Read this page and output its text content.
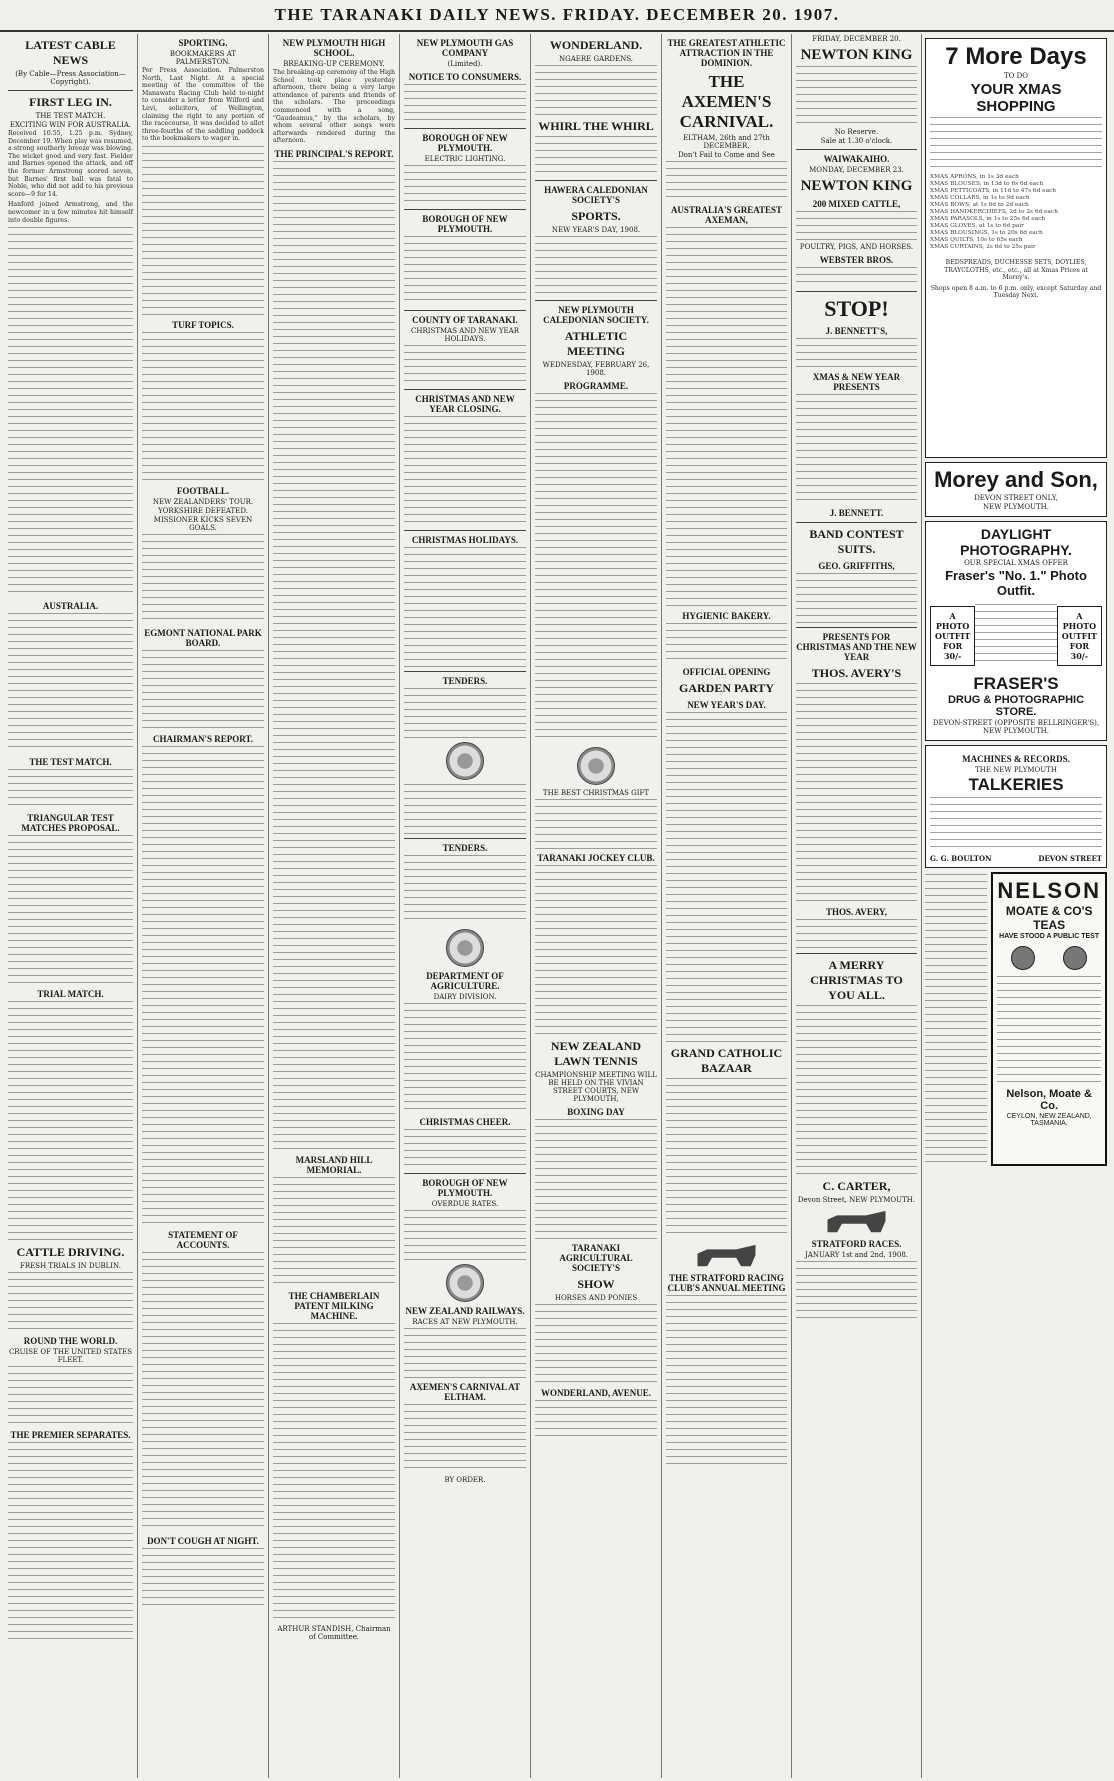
THE TARANAKI DAILY NEWS. FRIDAY. DECEMBER 20. 1907.
LATEST CABLE NEWS
(By Cable—Press Association—Copyright).
FIRST LEG IN.
THE TEST MATCH.
EXCITING WIN FOR AUSTRALIA.

Received 10.55, 1.25 p.m. Sydney, December 19. When play was resumed, a strong southerly breeze was blowing. The wicket good and very fast. Fielder and Barnes opened the attack, and off the former Armstrong scored seven, but Barnes' first ball was fatal to Noble, who did not add to his previous score—9 for 14.

Hanford joined Armstrong, and the newcomer in a few minutes hit himself into double figures.

AUSTRALIA.
THE TEST MATCH.
TRIANGULAR TEST MATCHES PROPOSAL.
TRIAL MATCH.
CATTLE DRIVING.
FRESH TRIALS IN DUBLIN.
ROUND THE WORLD.
CRUISE OF THE UNITED STATES FLEET.
THE PREMIER SEPARATES.
SPORTING.
BOOKMAKERS AT PALMERSTON.

Per Press Association. Palmerston North, Last Night. At a special meeting of the committee of the Manawatu Racing Club held to-night to consider a letter from Wilford and Levi, solicitors, of Wellington, claiming the right to any portion of the racecourse, it was decided to allot three-fourths of the saddling paddock to the bookmakers to wager in.

TURF TOPICS.
FOOTBALL.
NEW ZEALANDERS' TOUR.
YORKSHIRE DEFEATED.
MISSIONER KICKS SEVEN GOALS.
EGMONT NATIONAL PARK BOARD.
CHAIRMAN'S REPORT.
STATEMENT OF ACCOUNTS.
DON'T COUGH AT NIGHT.
NEW PLYMOUTH HIGH SCHOOL.
BREAKING-UP CEREMONY.

The breaking-up ceremony of the High School took place yesterday afternoon, there being a very large attendance of parents and friends of the scholars. The proceedings commenced with a song, "Gaudeamus," by the scholars, by whom several other songs were afterwards rendered during the afternoon.

THE PRINCIPAL'S REPORT.
MARSLAND HILL MEMORIAL.
THE CHAMBERLAIN PATENT MILKING MACHINE.
ARTHUR STANDISH, Chairman of Committee.
NEW PLYMOUTH GAS COMPANY
(Limited).
NOTICE TO CONSUMERS.
BOROUGH OF NEW PLYMOUTH.
ELECTRIC LIGHTING.
BOROUGH OF NEW PLYMOUTH.
COUNTY OF TARANAKI.
CHRISTMAS AND NEW YEAR HOLIDAYS.
CHRISTMAS AND NEW YEAR CLOSING.
CHRISTMAS HOLIDAYS.
TENDERS.
TENDERS.
DEPARTMENT OF AGRICULTURE.
DAIRY DIVISION.
CHRISTMAS CHEER.
BOROUGH OF NEW PLYMOUTH.
OVERDUE RATES.
NEW ZEALAND RAILWAYS.
RACES AT NEW PLYMOUTH.
AXEMEN'S CARNIVAL AT ELTHAM.
BY ORDER.
WONDERLAND.
NGAERE GARDENS.
WHIRL THE WHIRL
HAWERA CALEDONIAN SOCIETY'S
SPORTS.
NEW YEAR'S DAY, 1908.
NEW PLYMOUTH CALEDONIAN SOCIETY.
ATHLETIC MEETING
WEDNESDAY, FEBRUARY 26, 1908.
PROGRAMME.
THE BEST CHRISTMAS GIFT
TARANAKI JOCKEY CLUB.
NEW ZEALAND LAWN TENNIS
CHAMPIONSHIP MEETING WILL BE HELD ON THE VIVIAN STREET COURTS, NEW PLYMOUTH,
BOXING DAY
TARANAKI AGRICULTURAL SOCIETY'S
SHOW
HORSES AND PONIES
WONDERLAND, AVENUE.
THE GREATEST ATHLETIC ATTRACTION IN THE DOMINION.
THE AXEMEN'S CARNIVAL.
ELTHAM, 26th and 27th DECEMBER.
Don't Fail to Come and See
AUSTRALIA'S GREATEST AXEMAN,
HYGIENIC BAKERY.
OFFICIAL OPENING
GARDEN PARTY
NEW YEAR'S DAY.
GRAND CATHOLIC BAZAAR
THE STRATFORD RACING CLUB'S ANNUAL MEETING
FRIDAY, DECEMBER 20.
NEWTON KING
No Reserve.
Sale at 1.30 o'clock.
WAIWAKAIHO.
MONDAY, DECEMBER 23.
NEWTON KING
200 MIXED CATTLE,
POULTRY, PIGS, AND HORSES.
WEBSTER BROS.
STOP!
J. BENNETT'S,
XMAS & NEW YEAR PRESENTS
J. BENNETT.
BAND CONTEST SUITS.
GEO. GRIFFITHS,
PRESENTS FOR CHRISTMAS AND THE NEW YEAR
THOS. AVERY'S
THOS. AVERY,
A MERRY CHRISTMAS TO YOU ALL.
C. CARTER,
Devon Street, NEW PLYMOUTH.
STRATFORD RACES.
JANUARY 1st and 2nd, 1908.
7 More Days
TO DO
YOUR XMAS SHOPPING
XMAS APRONS, in 1s 3d each
XMAS BLOUSES, in 13d to 6s 6d each
XMAS PETTICOATS, in 11d to 47s 6d each
XMAS COLLARS, in 1s to 9d each
XMAS BOWS, at 1s 6d to 2d each
XMAS HANDKERCHIEFS, 2d to 2s 6d each
XMAS PARASOLS, in 1s to 25s 6d each
XMAS GLOVES, at 1s to 6d pair
XMAS BLOUSINGS, 1s to 20s 6d each
XMAS QUILTS, 10s to 65s each
XMAS CURTAINS, 2s 6d to 25s pair
BEDSPREADS, DUCHESSE SETS, DOYLIES, TRAYCLOTHS, etc., etc., all at Xmas Prices at Morey's.
Shops open 8 a.m. to 6 p.m. only, except Saturday and Tuesday Next.
Morey and Son,
DEVON STREET ONLY,
NEW PLYMOUTH.
DAYLIGHT PHOTOGRAPHY.
OUR SPECIAL XMAS OFFER
Fraser's "No. 1." Photo Outfit.
A PHOTO OUTFIT FOR 30/-
A PHOTO OUTFIT FOR 30/-
FRASER'S
DRUG & PHOTOGRAPHIC STORE.
DEVON-STREET (OPPOSITE BELLRINGER'S), NEW PLYMOUTH.
MACHINES & RECORDS.
THE NEW PLYMOUTH
TALKERIES
G. G. BOULTON	DEVON STREET
NELSON
MOATE & CO'S TEAS
HAVE STOOD A PUBLIC TEST
Nelson, Moate & Co.
CEYLON, NEW ZEALAND, TASMANIA.
